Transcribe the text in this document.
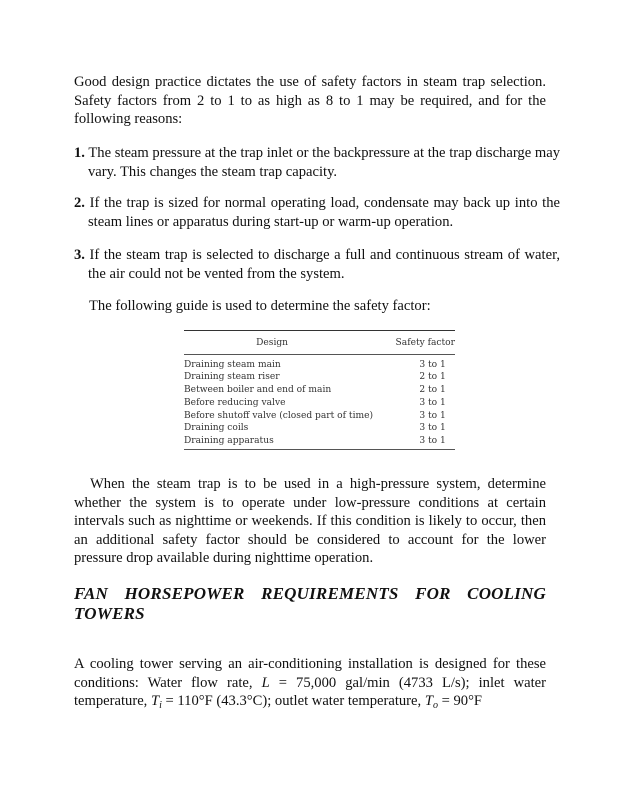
Good design practice dictates the use of safety factors in steam trap selection. Safety factors from 2 to 1 to as high as 8 to 1 may be required, and for the following reasons:

1. The steam pressure at the trap inlet or the backpressure at the trap discharge may vary. This changes the steam trap capacity.

2. If the trap is sized for normal operating load, condensate may back up into the steam lines or apparatus during start-up or warm-up operation.

3. If the steam trap is selected to discharge a full and continuous stream of water, the air could not be vented from the system.

The following guide is used to determine the safety factor:

Design	Safety factor
Draining steam main	3 to 1
Draining steam riser	2 to 1
Between boiler and end of main	2 to 1
Before reducing valve	3 to 1
Before shutoff valve (closed part of time)	3 to 1
Draining coils	3 to 1
Draining apparatus	3 to 1

When the steam trap is to be used in a high-pressure system, determine whether the system is to operate under low-pressure conditions at certain intervals such as nighttime or weekends. If this condition is likely to occur, then an additional safety factor should be considered to account for the lower pressure drop available during nighttime operation.

FAN HORSEPOWER REQUIREMENTS FOR COOLING
TOWERS

A cooling tower serving an air-conditioning installation is designed for these conditions: Water flow rate, L = 75,000 gal/min (4733 L/s); inlet water temperature, $T_i = 110^\circ F$ (43.3°C); outlet water temperature, $T_o = 90^\circ F$
